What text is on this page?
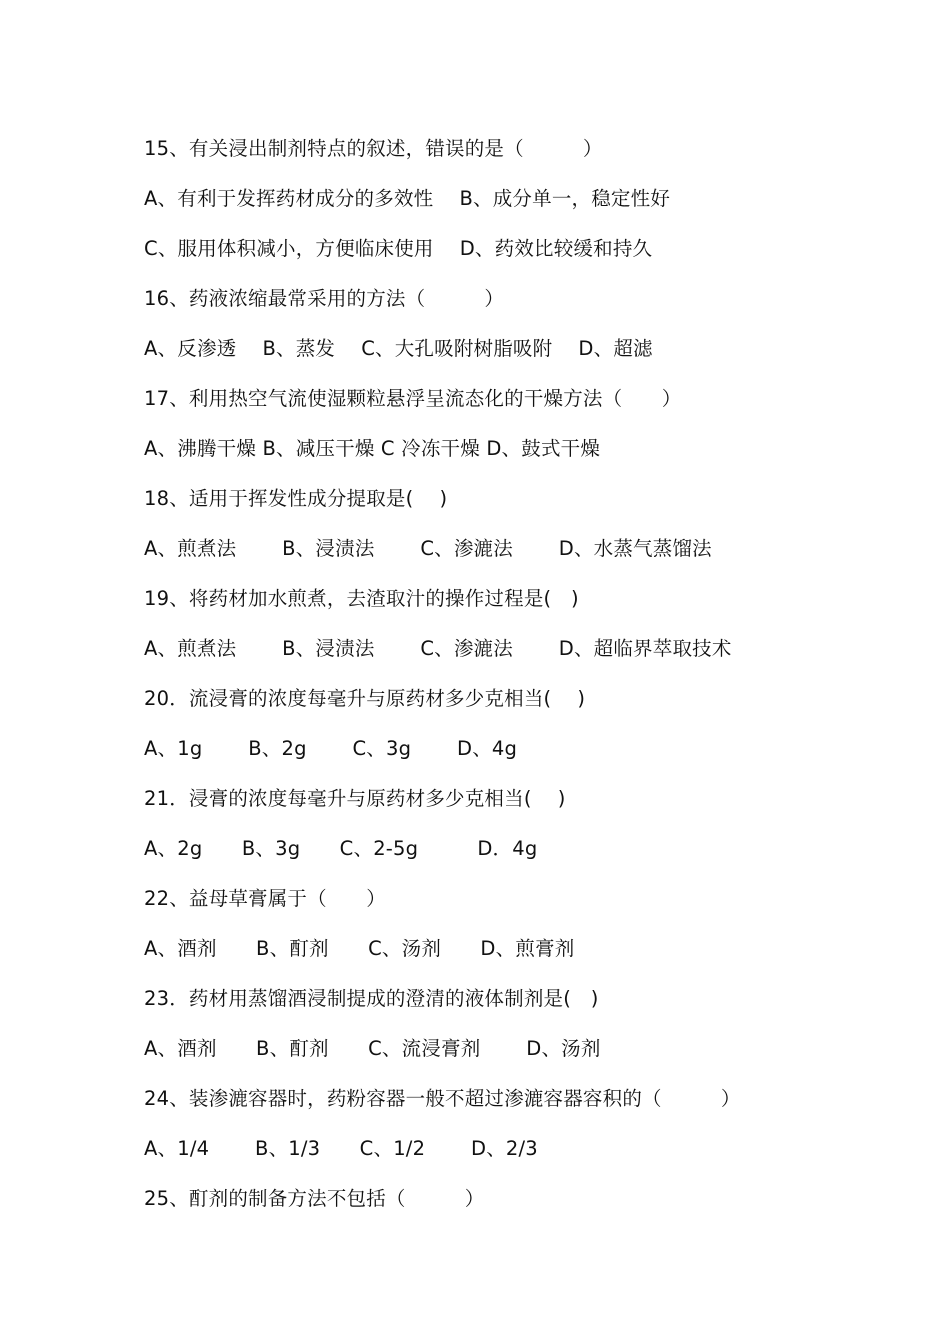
15、有关浸出制剂特点的叙述，错误的是（　　　）
A、有利于发挥药材成分的多效性　 B、成分单一，稳定性好
C、服用体积减小，方便临床使用　 D、药效比较缓和持久
16、药液浓缩最常采用的方法（　　　）
A、反渗透　 B、蒸发　 C、大孔吸附树脂吸附　 D、超滤
17、利用热空气流使湿颗粒悬浮呈流态化的干燥方法（　　）
A、沸腾干燥 B、减压干燥 C 冷冻干燥 D、鼓式干燥
18、适用于挥发性成分提取是(　 )
A、煎煮法　　 B、浸渍法　　 C、渗漉法　　 D、水蒸气蒸馏法
19、将药材加水煎煮，去渣取汁的操作过程是(　)
A、煎煮法　　 B、浸渍法　　 C、渗漉法　　 D、超临界萃取技术
20．流浸膏的浓度每毫升与原药材多少克相当(　 )
A、1g　　 B、2g　　 C、3g　　 D、4g
21．浸膏的浓度每毫升与原药材多少克相当(　 )
A、2g　　B、3g　　C、2-5g　　　D．4g
22、益母草膏属于（　　）
A、酒剂　　B、酊剂　　C、汤剂　　D、煎膏剂
23．药材用蒸馏酒浸制提成的澄清的液体制剂是(　)
A、酒剂　　B、酊剂　　C、流浸膏剂　　 D、汤剂
24、装渗漉容器时，药粉容器一般不超过渗漉容器容积的（　　　）
A、1/4　　 B、1/3　　C、1/2　　 D、2/3
25、酊剂的制备方法不包括（　　　）
